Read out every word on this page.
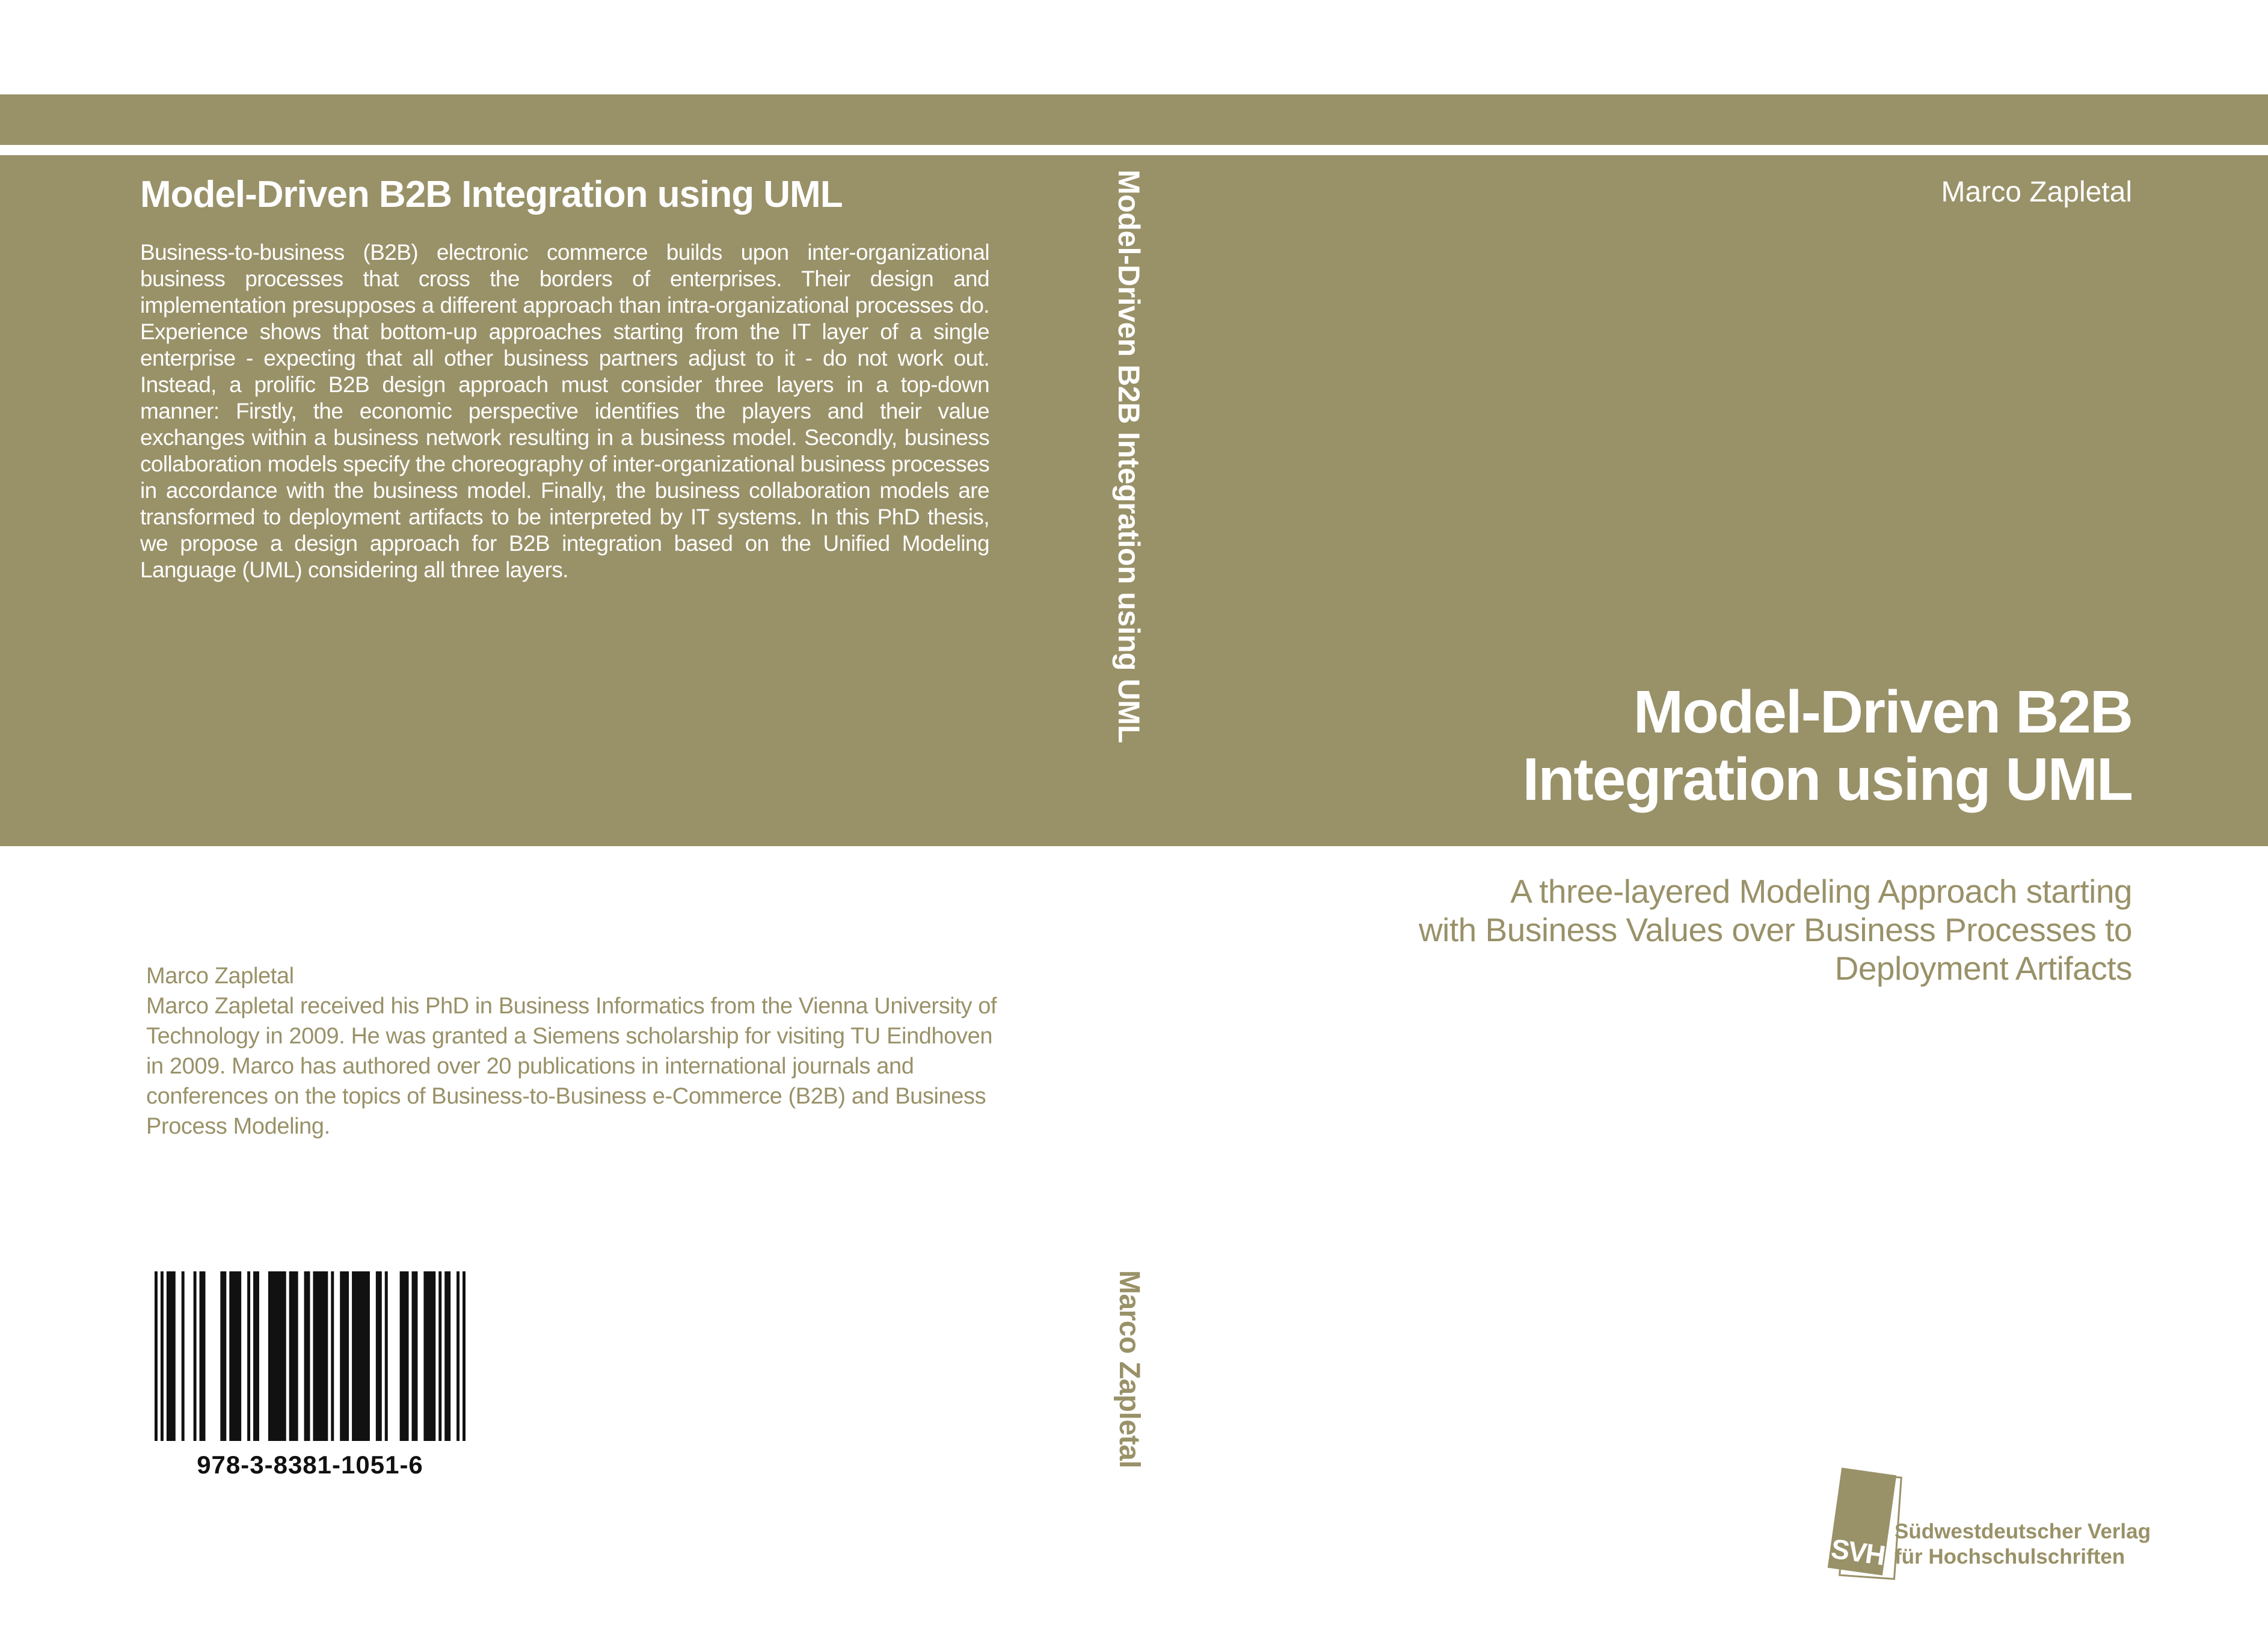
Model-Driven B2B Integration using UML

Business-to-business (B2B) electronic commerce builds upon inter-organizational business processes that cross the borders of enterprises. Their design and implementation presupposes a different approach than intra-organizational processes do. Experience shows that bottom-up approaches starting from the IT layer of a single enterprise - expecting that all other business partners adjust to it - do not work out. Instead, a prolific B2B design approach must consider three layers in a top-down manner: Firstly, the economic perspective identifies the players and their value exchanges within a business network resulting in a business model. Secondly, business collaboration models specify the choreography of inter-organizational business processes in accordance with the business model. Finally, the business collaboration models are transformed to deployment artifacts to be interpreted by IT systems. In this PhD thesis, we propose a design approach for B2B integration based on the Unified Modeling Language (UML) considering all three layers.

Marco Zapletal
Marco Zapletal received his PhD in Business Informatics from the Vienna University of Technology in 2009. He was granted a Siemens scholarship for visiting TU Eindhoven in 2009. Marco has authored over 20 publications in international journals and conferences on the topics of Business-to-Business e-Commerce (B2B) and Business Process Modeling.
978-3-8381-1051-6
Model-Driven B2B Integration using UML
Marco Zapletal
Marco Zapletal
Model-Driven B2B
Integration using UML
A three-layered Modeling Approach starting
with Business Values over Business Processes to
Deployment Artifacts
SVH
Südwestdeutscher Verlag
für Hochschulschriften
